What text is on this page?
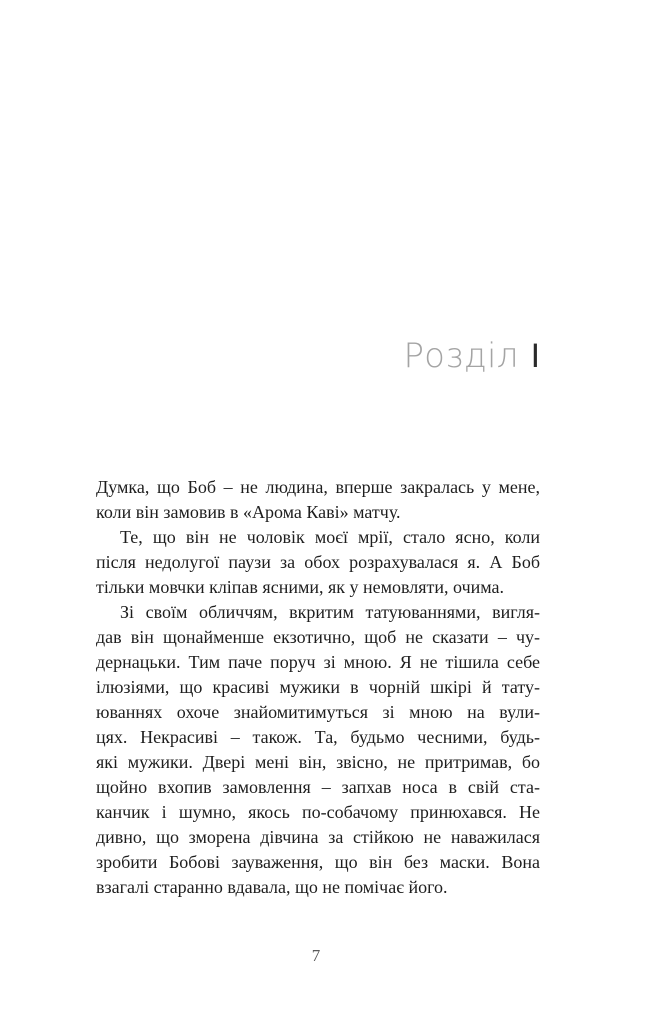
Розділ I
Думка, що Боб – не людина, вперше закралась у мене,
коли він замовив в «Арома Каві» матчу.
Те, що він не чоловік моєї мрії, стало ясно, коли
після недолугої паузи за обох розрахувалася я. А Боб
тільки мовчки кліпав ясними, як у немовляти, очима.
Зі своїм обличчям, вкритим татуюваннями, вигля-
дав він щонайменше екзотично, щоб не сказати – чу-
дернацьки. Тим паче поруч зі мною. Я не тішила себе
ілюзіями, що красиві мужики в чорній шкірі й тату-
юваннях охоче знайомитимуться зі мною на вули-
цях. Некрасиві – також. Та, будьмо чесними, будь-
які мужики. Двері мені він, звісно, не притримав, бо
щойно вхопив замовлення – запхав носа в свій ста-
канчик і шумно, якось по-собачому принюхався. Не
дивно, що зморена дівчина за стійкою не наважилася
зробити Бобові зауваження, що він без маски. Вона
взагалі старанно вдавала, що не помічає його.
7
